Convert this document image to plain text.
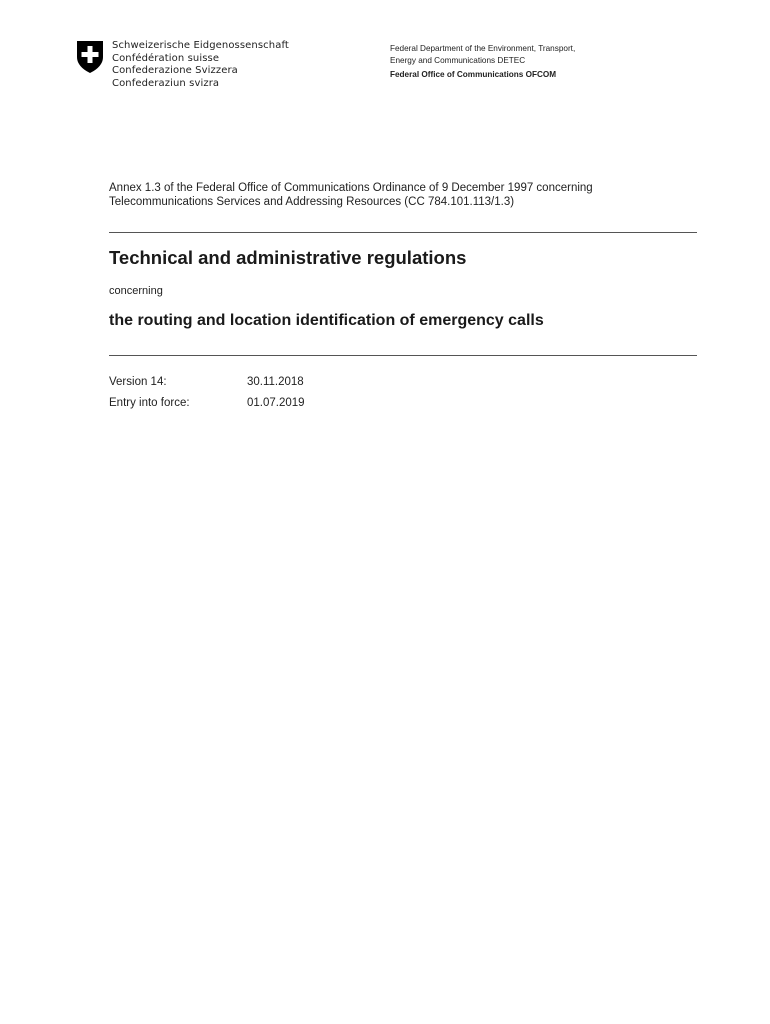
Schweizerische Eidgenossenschaft
Confédération suisse
Confederazione Svizzera
Confederaziun svizra
Federal Department of the Environment, Transport,
Energy and Communications DETEC
Federal Office of Communications OFCOM
Annex 1.3 of the Federal Office of Communications Ordinance of 9 December 1997 concerning
Telecommunications Services and Addressing Resources (CC 784.101.113/1.3)
Technical and administrative regulations
concerning
the routing and location identification of emergency calls
Version 14:	30.11.2018
Entry into force:	01.07.2019
